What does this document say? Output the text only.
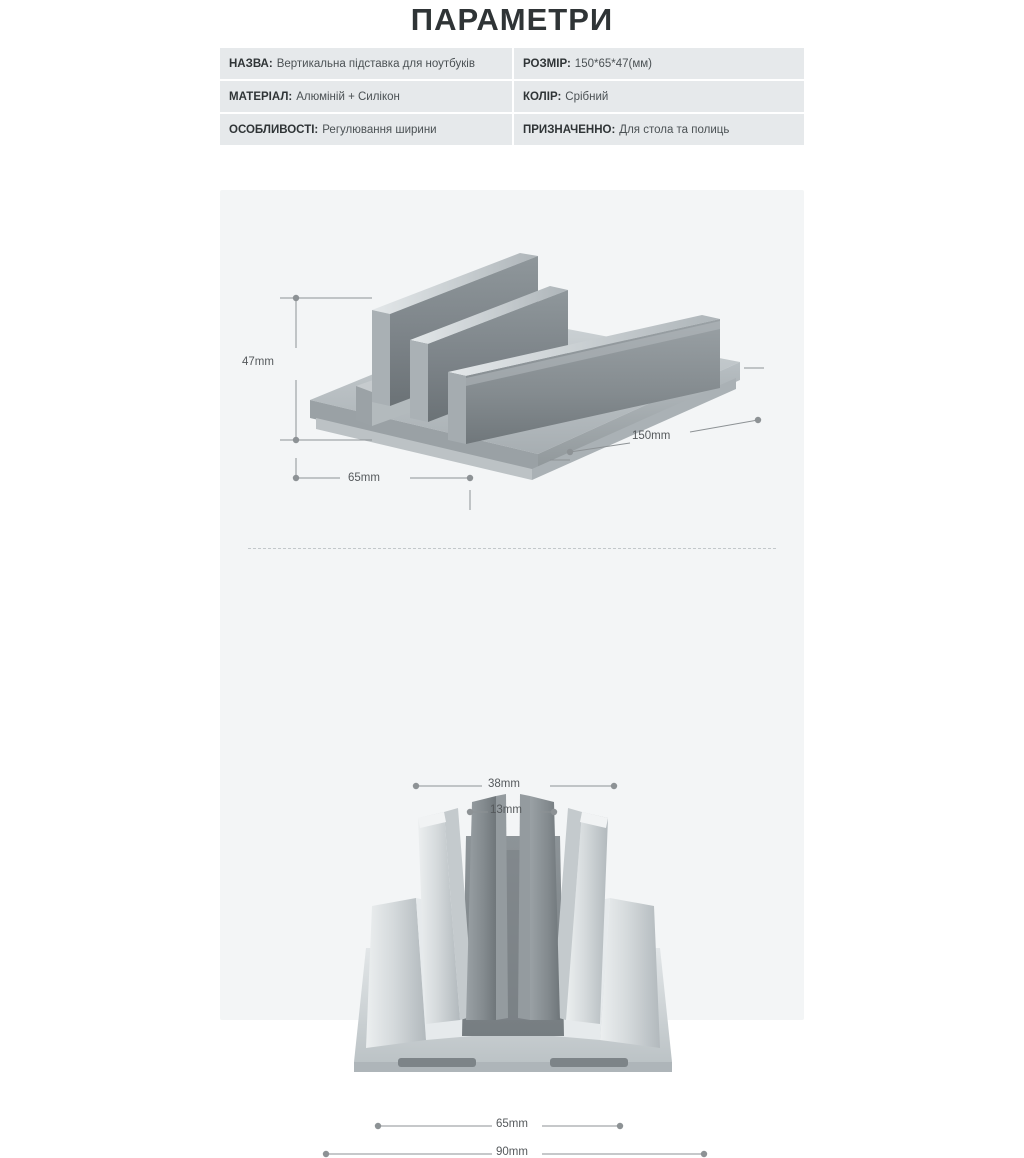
ПАРАМЕТРИ
НАЗВА: Вертикальна підставка для ноутбуків	РОЗМІР: 150*65*47(мм)
МАТЕРІАЛ: Алюміній + Силікон	КОЛІР: Срібний
ОСОБЛИВОСТІ: Регулювання ширини	ПРИЗНАЧЕННО: Для стола та полиць
47mm
65mm
150mm
38mm
13mm
65mm
90mm
